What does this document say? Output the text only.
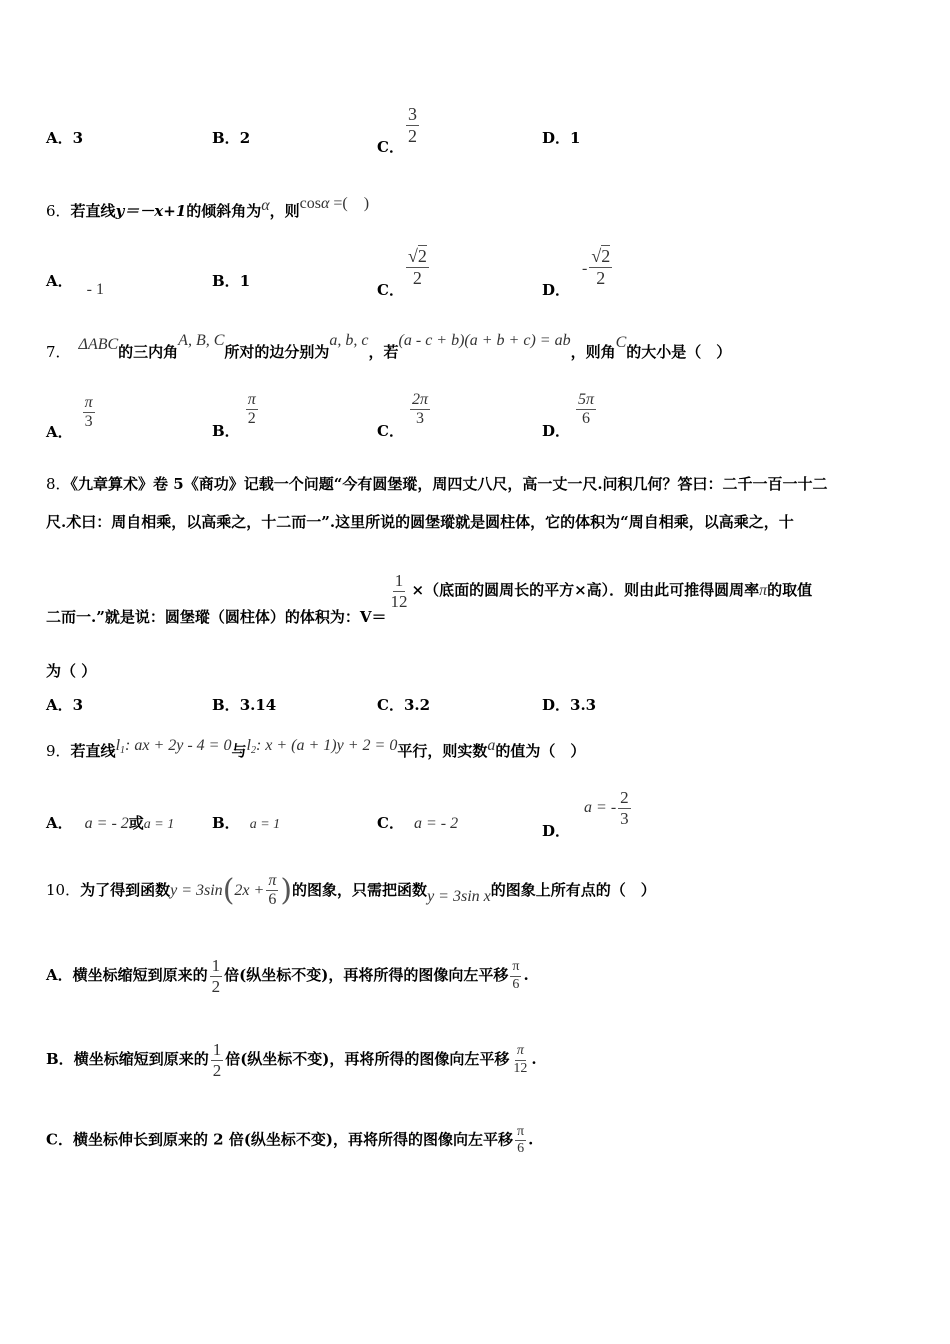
A．3	B．2
C．
$\frac{3}{2}$	D．1
6．若直线y＝－x+1的倾斜角为α，则cosα =(　)
A． - 1	B．1
C．
$\frac{√2}{2}$
D．- $\frac{√2}{2}$
7． ΔABC的三内角A, B, C所对的边分别为a, b, c，若(a - c + b)(a + b + c) = ab，则角C的大小是（　）
A．
$\frac{\pi}{3}$	B．
$\frac{\pi}{2}$
C．
$\frac{2\pi}{3}$
D．
$\frac{5\pi}{6}$
8．《九章算术》卷 5《商功》记载一个问题“今有圆堡瑽，周四丈八尺，高一丈一尺.问积几何？答曰：二千一百一十二
尺.术曰：周自相乘，以高乘之，十二而一”.这里所说的圆堡瑽就是圆柱体，它的体积为“周自相乘，以高乘之，十
二而一.”就是说：圆堡瑽（圆柱体）的体积为：V＝
$\frac{1}{12}$ ×（底面的圆周长的平方×高）．则由此可推得圆周率π的取值
为（ ）
A．3	B．3.14	C．3.2	D．3.3
9．若直线$l_1$: ax + 2y - 4 = 0与$l_2$: x + (a + 1)y + 2 = 0平行，则实数a的值为（　）
A． a = - 2或a = 1	B． a = 1	C． a = - 2	D．a = - $\frac{2}{3}$
10．为了得到函数$y = 3\sin(2x + \frac{\pi}{6}$ )的图象，只需把函数y = 3sin x的图象上所有点的（　）
A．横坐标缩短到原来的 $\frac{1}{2}$ 倍(纵坐标不变)，再将所得的图像向左平移 $\frac{\pi}{6}$ .
B．横坐标缩短到原来的 $\frac{1}{2}$ 倍(纵坐标不变)，再将所得的图像向左平移 $\frac{\pi}{12}$ .
C．横坐标伸长到原来的 2 倍(纵坐标不变)，再将所得的图像向左平移 $\frac{\pi}{6}$ .
